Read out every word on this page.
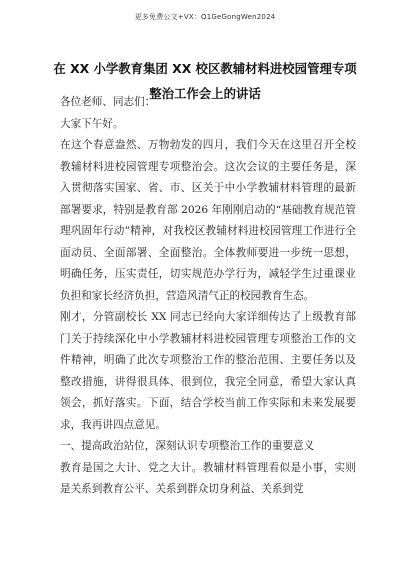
更多免费公文+VX：Q1GeGongWen2024
在 XX 小学教育集团 XX 校区教辅材料进校园管理专项整治工作会上的讲话

各位老师、同志们：

大家下午好。

在这个春意盎然、万物勃发的四月，我们今天在这里召开全校教辅材料进校园管理专项整治会。这次会议的主要任务是，深入贯彻落实国家、省、市、区关于中小学教辅材料管理的最新部署要求，特别是教育部 2026 年刚刚启动的“基础教育规范管理巩固年行动”精神，对我校区教辅材料进校园管理工作进行全面动员、全面部署、全面整治。全体教师要进一步统一思想，明确任务，压实责任，切实规范办学行为，减轻学生过重课业负担和家长经济负担，营造风清气正的校园教育生态。

刚才，分管副校长 XX 同志已经向大家详细传达了上级教育部门关于持续深化中小学教辅材料进校园管理专项整治工作的文件精神，明确了此次专项整治工作的整治范围、主要任务以及整改措施，讲得很具体、很到位，我完全同意，希望大家认真领会，抓好落实。下面，结合学校当前工作实际和未来发展要求，我再讲四点意见。

一、提高政治站位，深刻认识专项整治工作的重要意义

教育是国之大计、党之大计。教辅材料管理看似是小事，实则是关系到教育公平、关系到群众切身利益、关系到党
